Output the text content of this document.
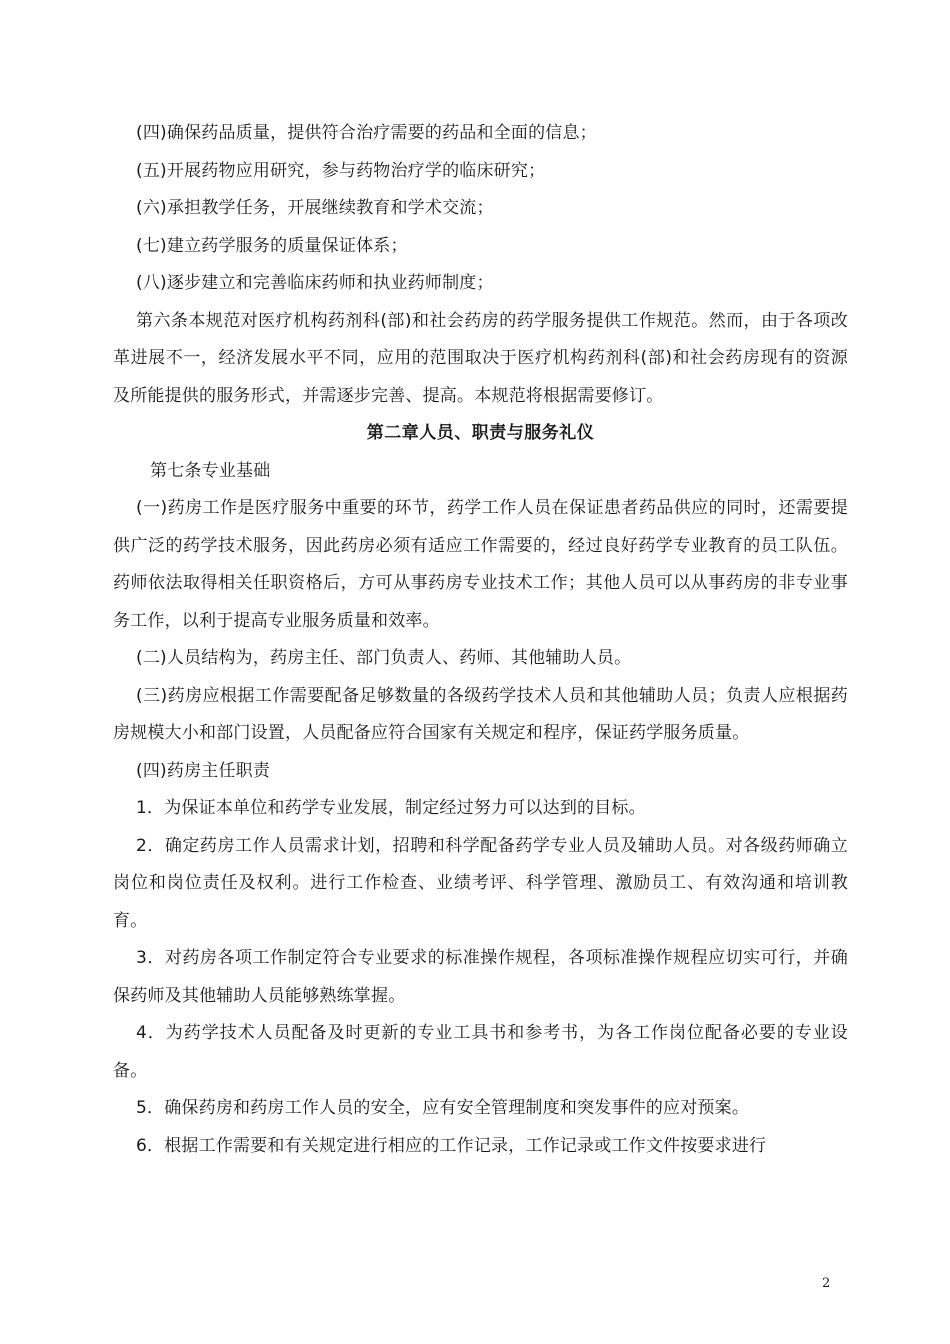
(四)确保药品质量，提供符合治疗需要的药品和全面的信息；

(五)开展药物应用研究，参与药物治疗学的临床研究；

(六)承担教学任务，开展继续教育和学术交流；

(七)建立药学服务的质量保证体系；

(八)逐步建立和完善临床药师和执业药师制度；

第六条本规范对医疗机构药剂科(部)和社会药房的药学服务提供工作规范。然而，由于各项改革进展不一，经济发展水平不同，应用的范围取决于医疗机构药剂科(部)和社会药房现有的资源及所能提供的服务形式，并需逐步完善、提高。本规范将根据需要修订。

第二章人员、职责与服务礼仪

第七条专业基础

(一)药房工作是医疗服务中重要的环节，药学工作人员在保证患者药品供应的同时，还需要提供广泛的药学技术服务，因此药房必须有适应工作需要的，经过良好药学专业教育的员工队伍。药师依法取得相关任职资格后，方可从事药房专业技术工作；其他人员可以从事药房的非专业事务工作，以利于提高专业服务质量和效率。

(二)人员结构为，药房主任、部门负责人、药师、其他辅助人员。

(三)药房应根据工作需要配备足够数量的各级药学技术人员和其他辅助人员；负责人应根据药房规模大小和部门设置，人员配备应符合国家有关规定和程序，保证药学服务质量。

(四)药房主任职责

1．为保证本单位和药学专业发展，制定经过努力可以达到的目标。

2．确定药房工作人员需求计划，招聘和科学配备药学专业人员及辅助人员。对各级药师确立岗位和岗位责任及权利。进行工作检查、业绩考评、科学管理、激励员工、有效沟通和培训教育。

3．对药房各项工作制定符合专业要求的标准操作规程，各项标准操作规程应切实可行，并确保药师及其他辅助人员能够熟练掌握。

4．为药学技术人员配备及时更新的专业工具书和参考书，为各工作岗位配备必要的专业设备。

5．确保药房和药房工作人员的安全，应有安全管理制度和突发事件的应对预案。

6．根据工作需要和有关规定进行相应的工作记录，工作记录或工作文件按要求进行

2
